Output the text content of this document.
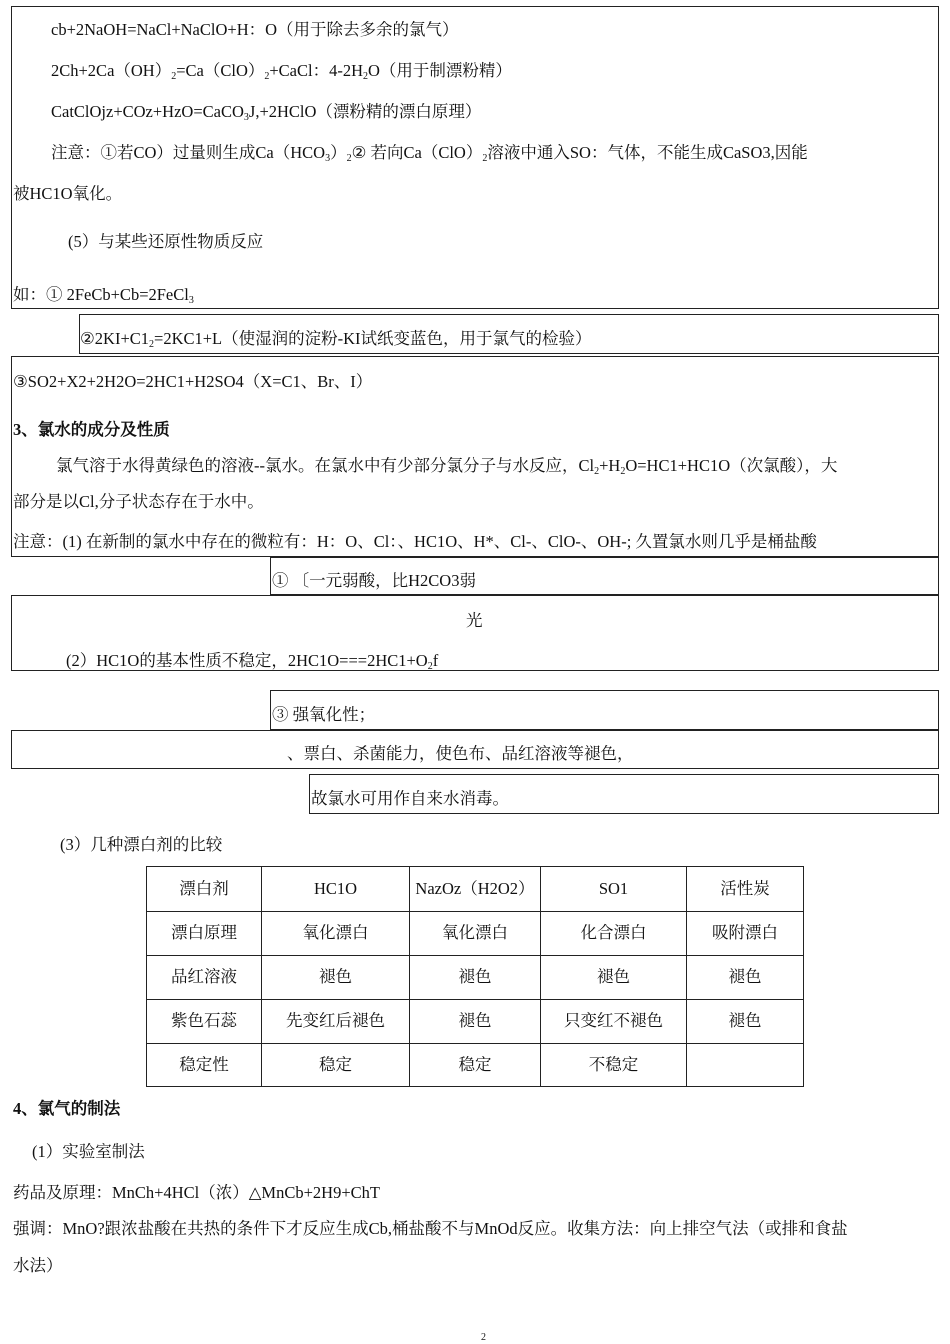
cb+2NaOH=NaCl+NaClO+H：O（用于除去多余的氯气）
$2Ch+2Ca(OH)_2=Ca(ClO)_2+CaCl$：$4-2H_2O$（用于制漂粉精）
CatClOjz+COz+HzO=CaCO$_3$J,+2HClO（漂粉精的漂白原理）
注意：①若CO）过量则生成$Ca(HCO_3)_2②$ 若向$Ca(ClO)_2$溶液中通入SO：气体，不能生成CaSO3,因能
被HC1O氧化。
(5）与某些还原性物质反应
如：① 2FeCb+Cb=2FeCl$_3$
$②2KI+C1_2=2KC1+L$（使湿润的淀粉-KI试纸变蓝色，用于氯气的检验）
③SO2+X2+2H2O=2HC1+H2SO4（X=C1、Br、I）
3、氯水的成分及性质
氯气溶于水得黄绿色的溶液--氯水。在氯水中有少部分氯分子与水反应，$Cl_2+H_2O=HC1+HC1O$（次氯酸），大
部分是以Cl,分子状态存在于水中。
注意：(1) 在新制的氯水中存在的微粒有：H：O、Cl：、HC1O、H*、Cl-、ClO-、OH-; 久置氯水则几乎是桶盐酸
① 〔一元弱酸，比H2CO3弱
光
(2）HC1O的基本性质不稳定，$2HC1O===2HC1+O_2f$
③ 强氧化性；
、票白、杀菌能力，使色布、品红溶液等褪色，
故氯水可用作自来水消毒。
(3）几种漂白剂的比较
漂白剂	HC1O	NazOz（H2O2）	SO1	活性炭
漂白原理	氧化漂白	氧化漂白	化合漂白	吸附漂白
品红溶液	褪色	褪色	褪色	褪色
紫色石蕊	先变红后褪色	褪色	只变红不褪色	褪色
稳定性	稳定	稳定	不稳定	
4、氯气的制法
(1）实验室制法
药品及原理：MnCh+4HCl（浓）△MnCb+2H9+ChT
强调：MnO?跟浓盐酸在共热的条件下才反应生成Cb,桶盐酸不与MnOd反应。收集方法：向上排空气法（或排和食盐
水法）
2
